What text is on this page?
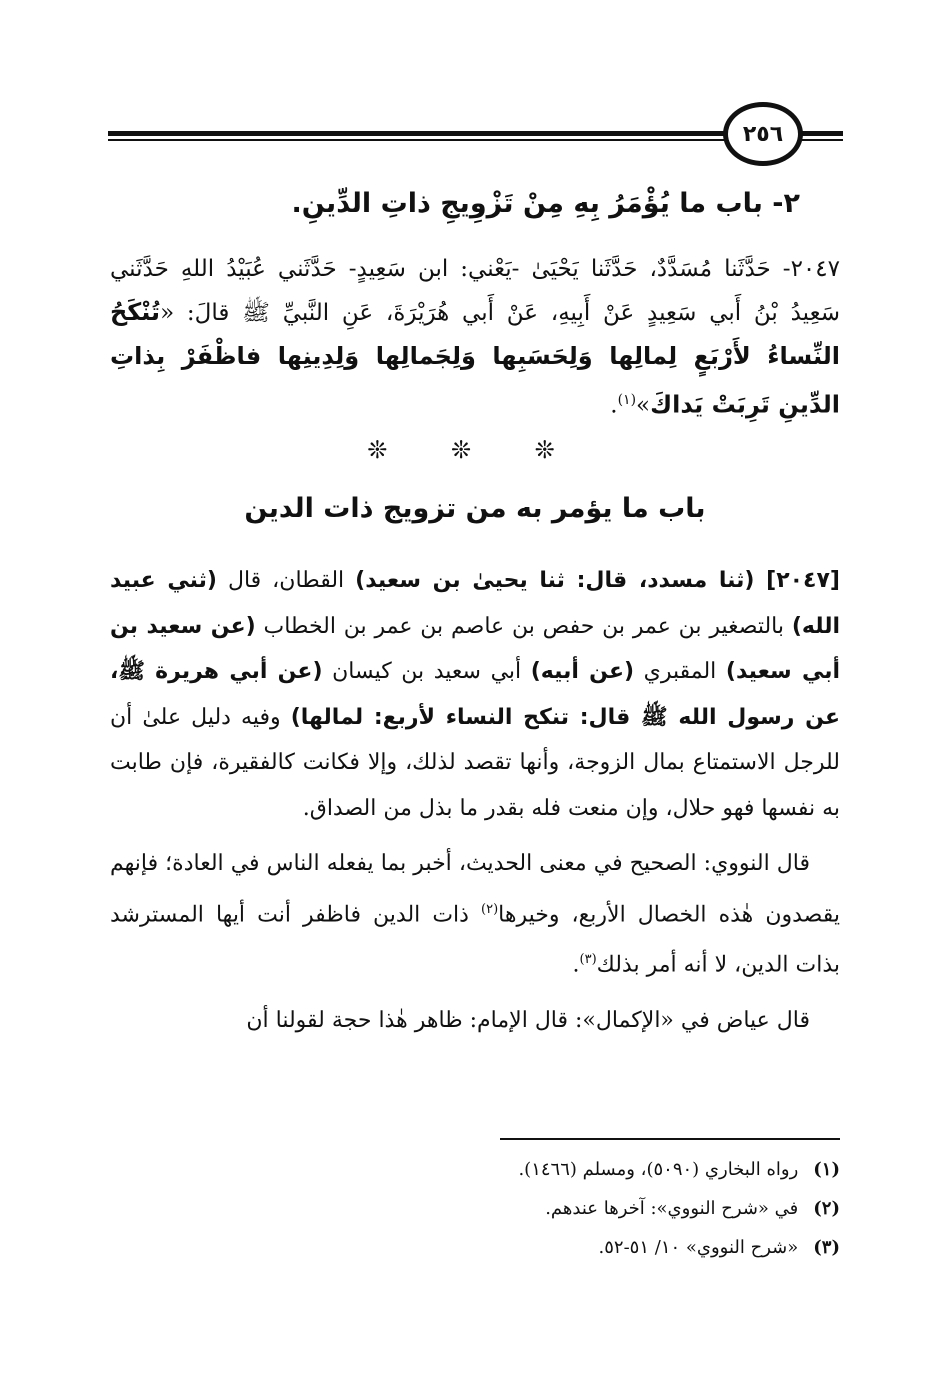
٢٥٦
٢- باب ما يُؤْمَرُ بِهِ مِنْ تَزْوِيجِ ذاتِ الدِّينِ.
٢٠٤٧- حَدَّثَنا مُسَدَّدٌ، حَدَّثَنا يَحْيَىٰ -يَعْني: ابن سَعِيدٍ- حَدَّثَني عُبَيْدُ اللهِ حَدَّثَني سَعِيدُ بْنُ أَبي سَعِيدٍ عَنْ أَبِيهِ، عَنْ أَبي هُرَيْرَةَ، عَنِ النَّبيِّ ﷺ قالَ: «تُنْكَحُ النِّساءُ لأَرْبَعٍ لِمالِها وَلِحَسَبِها وَلِجَمالِها وَلِدِينِها فاظْفَرْ بِذاتِ الدِّينِ تَرِبَتْ يَداكَ»$^{(١)}$.
❊ ❊ ❊
باب ما يؤمر به من تزويج ذات الدين

[٢٠٤٧] (ثنا مسدد، قال: ثنا يحيىٰ بن سعيد) القطان، قال (ثني عبيد الله) بالتصغير بن عمر بن حفص بن عاصم بن عمر بن الخطاب (عن سعيد بن أبي سعيد) المقبري (عن أبيه) أبي سعيد بن كيسان (عن أبي هريرة ﷺ، عن رسول الله ﷺ قال: تنكح النساء لأربع: لمالها) وفيه دليل علىٰ أن للرجل الاستمتاع بمال الزوجة، وأنها تقصد لذلك، وإلا فكانت كالفقيرة، فإن طابت به نفسها فهو حلال، وإن منعت فله بقدر ما بذل من الصداق.

قال النووي: الصحيح في معنى الحديث، أخبر بما يفعله الناس في العادة؛ فإنهم يقصدون هٰذه الخصال الأربع، وخيرها$^{(٢)}$ ذات الدين فاظفر أنت أيها المسترشد بذات الدين، لا أنه أمر بذلك$^{(٣)}$.

قال عياض في «الإكمال»: قال الإمام: ظاهر هٰذا حجة لقولنا أن

(١) رواه البخاري (٥٠٩٠)، ومسلم (١٤٦٦).
(٢) في «شرح النووي»: آخرها عندهم.
(٣) «شرح النووي» ١٠/ ٥١-٥٢.
